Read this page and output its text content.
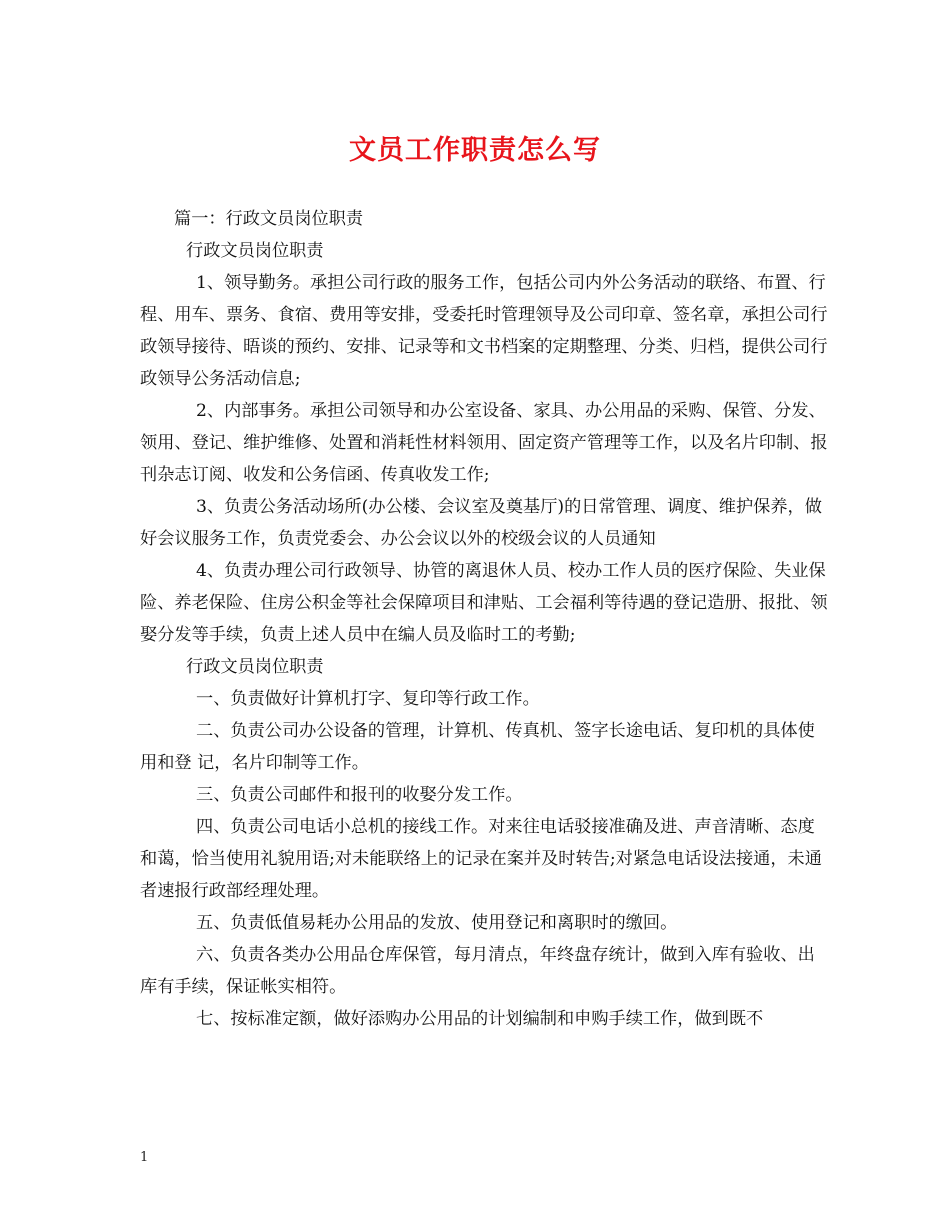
文员工作职责怎么写

篇一：行政文员岗位职责

行政文员岗位职责

1、领导勤务。承担公司行政的服务工作，包括公司内外公务活动的联络、布置、行程、用车、票务、食宿、费用等安排，受委托时管理领导及公司印章、签名章，承担公司行政领导接待、晤谈的预约、安排、记录等和文书档案的定期整理、分类、归档，提供公司行政领导公务活动信息;

2、内部事务。承担公司领导和办公室设备、家具、办公用品的采购、保管、分发、领用、登记、维护维修、处置和消耗性材料领用、固定资产管理等工作，以及名片印制、报刊杂志订阅、收发和公务信函、传真收发工作;

3、负责公务活动场所(办公楼、会议室及奠基厅)的日常管理、调度、维护保养，做好会议服务工作，负责党委会、办公会议以外的校级会议的人员通知

4、负责办理公司行政领导、协管的离退休人员、校办工作人员的医疗保险、失业保险、养老保险、住房公积金等社会保障项目和津贴、工会福利等待遇的登记造册、报批、领娶分发等手续，负责上述人员中在编人员及临时工的考勤;

行政文员岗位职责

一、负责做好计算机打字、复印等行政工作。

二、负责公司办公设备的管理，计算机、传真机、签字长途电话、复印机的具体使用和登 记，名片印制等工作。

三、负责公司邮件和报刊的收娶分发工作。

四、负责公司电话小总机的接线工作。对来往电话驳接准确及进、声音清晰、态度和蔼，恰当使用礼貌用语;对未能联络上的记录在案并及时转告;对紧急电话设法接通，未通者速报行政部经理处理。

五、负责低值易耗办公用品的发放、使用登记和离职时的缴回。

六、负责各类办公用品仓库保管，每月清点，年终盘存统计，做到入库有验收、出库有手续，保证帐实相符。

七、按标准定额，做好添购办公用品的计划编制和申购手续工作，做到既不

1
